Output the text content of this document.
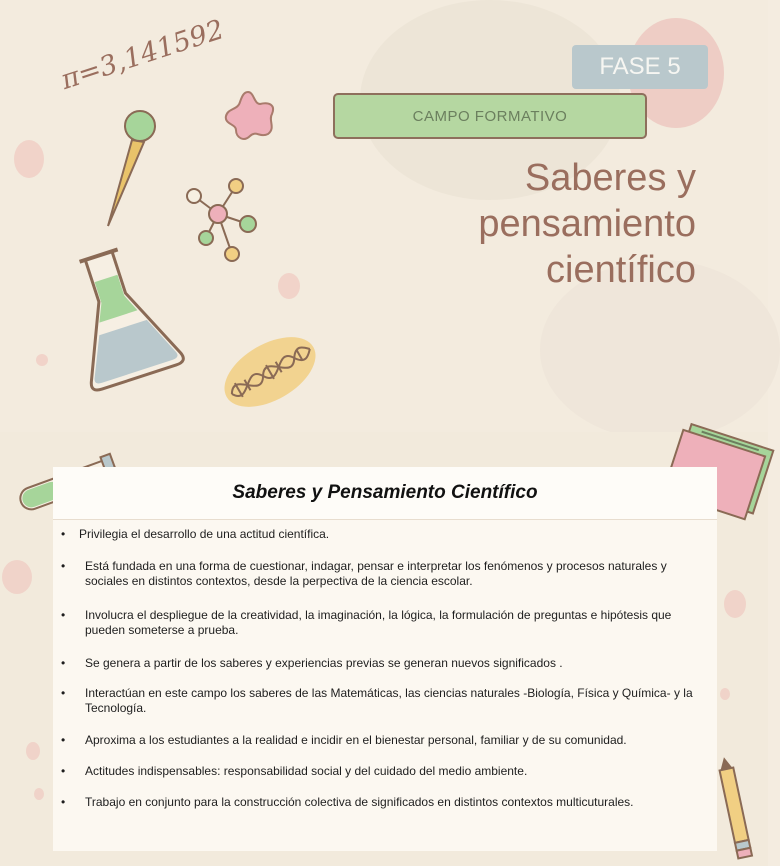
π=3,141592	FASE 5
CAMPO FORMATIVO
Saberes y
pensamiento
científico
Saberes y Pensamiento Científico
• Privilegia el desarrollo de una actitud científica.
• Está fundada en una forma de cuestionar, indagar, pensar e interpretar los fenómenos y procesos naturales y sociales en distintos contextos, desde la perpectiva de la ciencia escolar.
• Involucra el despliegue de la creatividad, la imaginación, la lógica, la formulación de preguntas e hipótesis que pueden someterse a prueba.
• Se genera a partir de los saberes y experiencias previas se generan nuevos significados .
• Interactúan en este campo los saberes de las Matemáticas, las ciencias naturales -Biología, Física y Química- y la Tecnología.
• Aproxima a los estudiantes a la realidad e incidir en el bienestar personal, familiar y de su comunidad.
• Actitudes indispensables: responsabilidad social y del cuidado del medio ambiente.
• Trabajo en conjunto para la construcción colectiva de significados en distintos contextos multicuturales.
